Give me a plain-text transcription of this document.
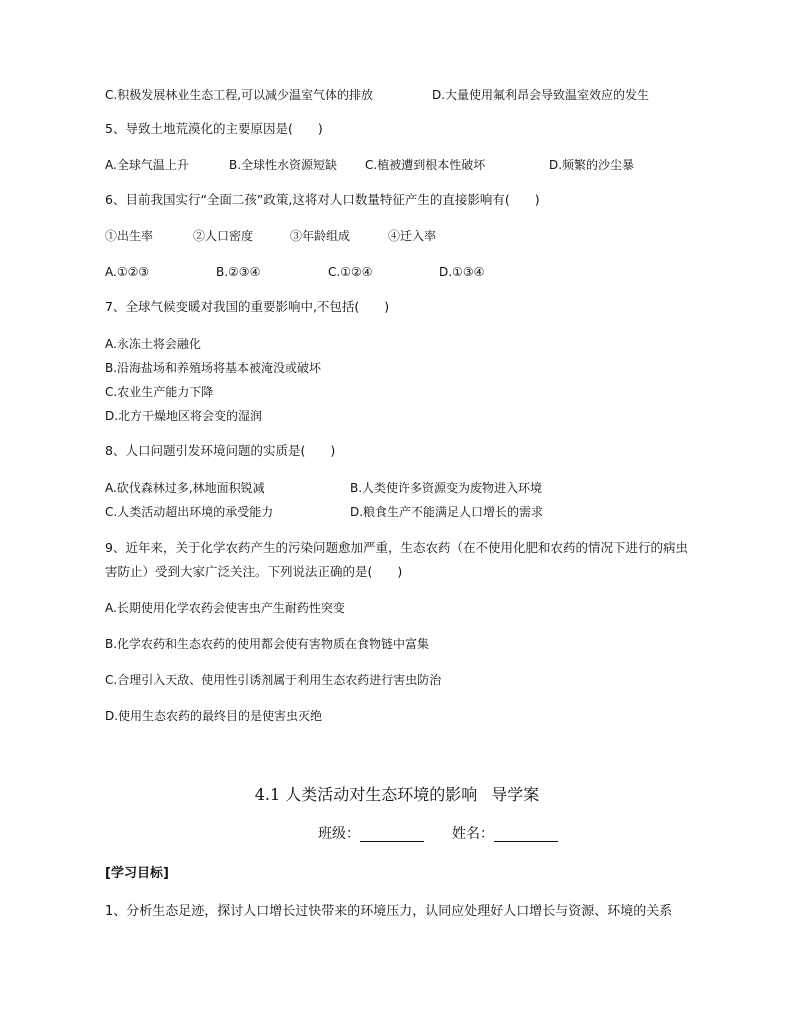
C.积极发展林业生态工程,可以减少温室气体的排放	D.大量使用氟利昂会导致温室效应的发生
5、导致土地荒漠化的主要原因是(　　)
A.全球气温上升	B.全球性水资源短缺 C.植被遭到根本性破坏	D.频繁的沙尘暴
6、目前我国实行“全面二孩”政策,这将对人口数量特征产生的直接影响有(　　)
①出生率	②人口密度	③年龄组成	④迁入率
A.①②③	B.②③④	C.①②④	D.①③④
7、全球气候变暖对我国的重要影响中,不包括(　　)
A.永冻土将会融化
B.沿海盐场和养殖场将基本被淹没或破坏
C.农业生产能力下降
D.北方干燥地区将会变的湿润
8、人口问题引发环境问题的实质是(　　)
A.砍伐森林过多,林地面积锐减	B.人类使许多资源变为废物进入环境
C.人类活动超出环境的承受能力	D.粮食生产不能满足人口增长的需求
9、近年来，关于化学农药产生的污染问题愈加严重，生态农药（在不使用化肥和农药的情况下进行的病虫
害防止）受到大家广泛关注。下列说法正确的是(　　)
A.长期使用化学农药会使害虫产生耐药性突变
B.化学农药和生态农药的使用都会使有害物质在食物链中富集
C.合理引入天敌、使用性引诱剂属于利用生态农药进行害虫防治
D.使用生态农药的最终目的是使害虫灭绝
4.1 人类活动对生态环境的影响 导学案
班级：	姓名：
[学习目标]
1、分析生态足迹，探讨人口增长过快带来的环境压力，认同应处理好人口增长与资源、环境的关系
